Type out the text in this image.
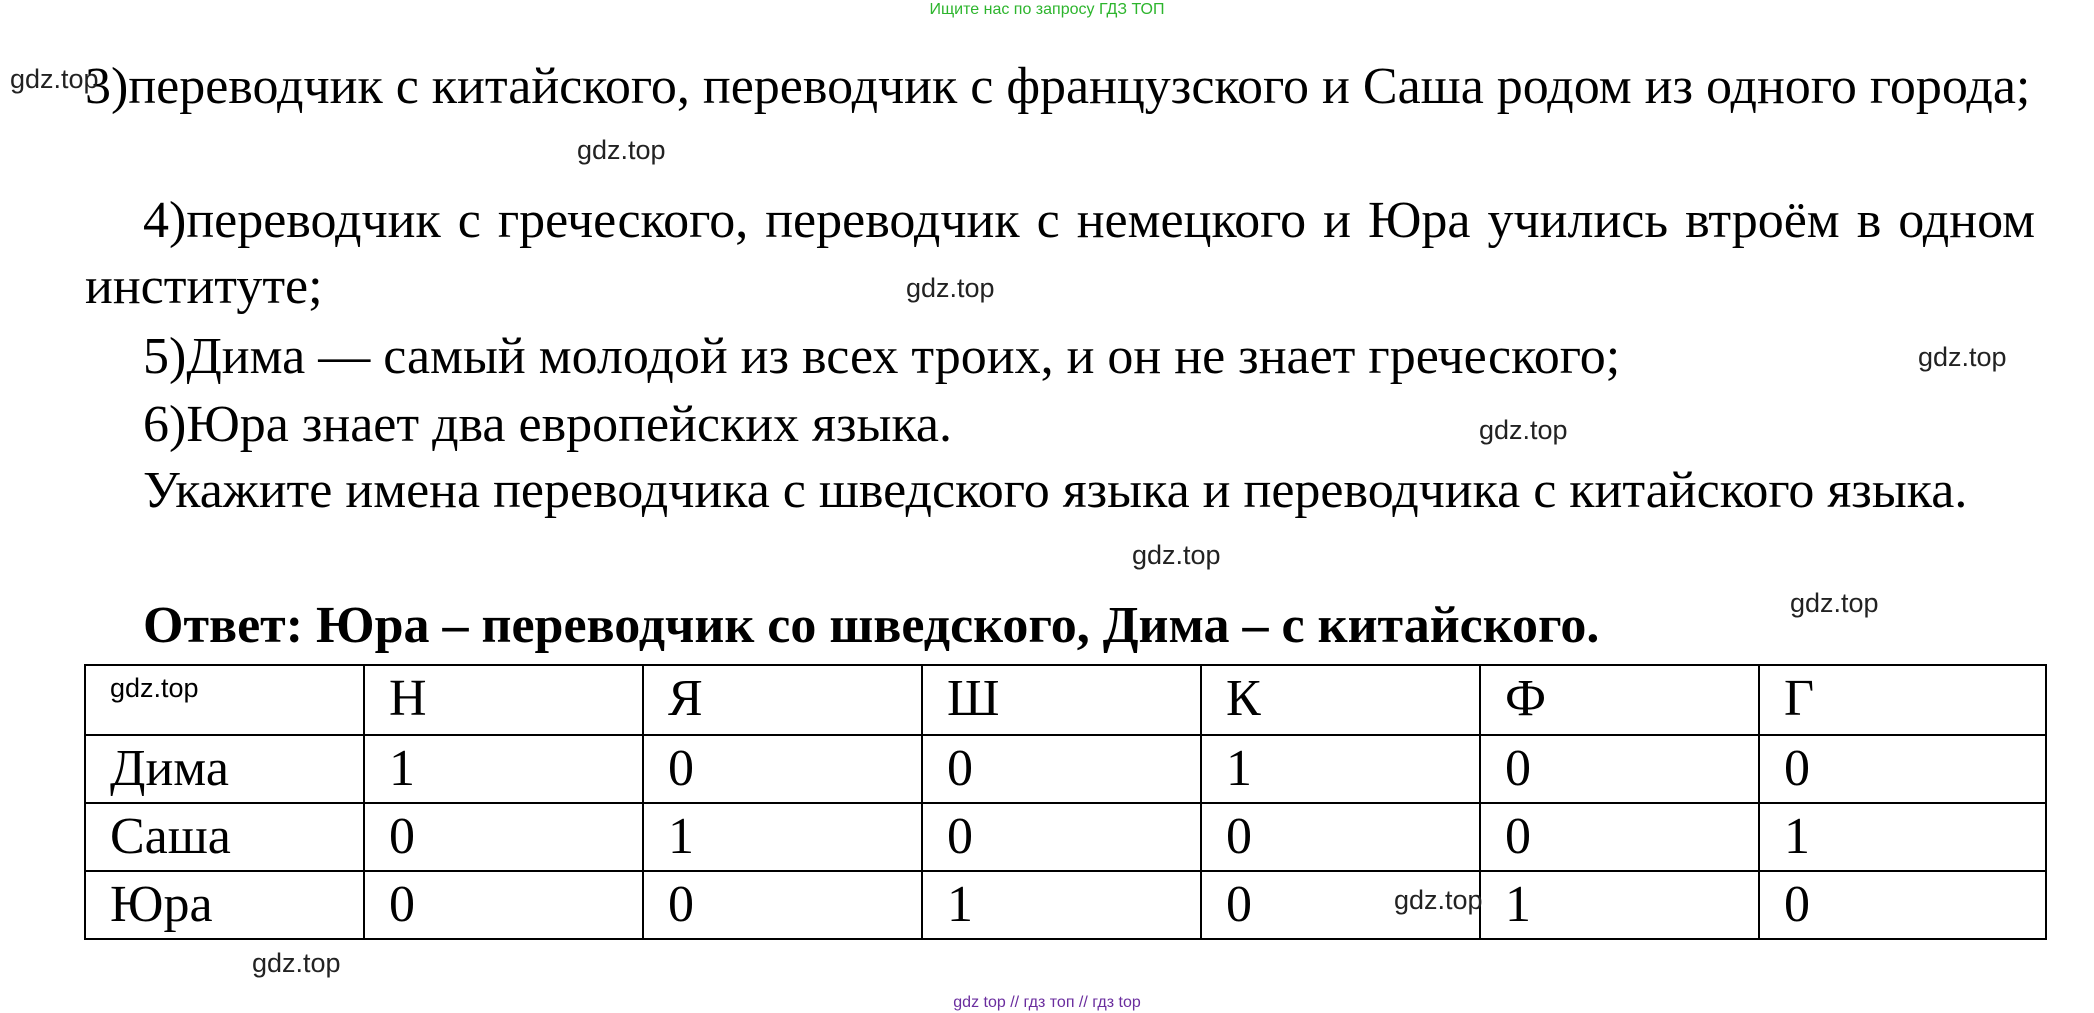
Ищите нас по запросу ГДЗ ТОП

3)переводчик с китайского, переводчик с французского и Саша родом из одного города;

4)переводчик с греческого, переводчик с немецкого и Юра учились втроём в одном институте;

5)Дима — самый молодой из всех троих, и он не знает греческого;

6)Юра знает два европейских языка.

Укажите имена переводчика с шведского языка и переводчика с китайского языка.

Ответ: Юра – переводчик со шведского, Дима – с китайского.

gdz.top	Н	Я	Ш	К	Ф	Г
Дима	1	0	0	1	0	0
Саша	0	1	0	0	0	1
Юра	0	0	1	0	1	0
gdz.top
gdz.top
gdz.top
gdz.top
gdz.top
gdz.top
gdz.top
gdz.top
gdz.top
gdz top // гдз топ // гдз top
